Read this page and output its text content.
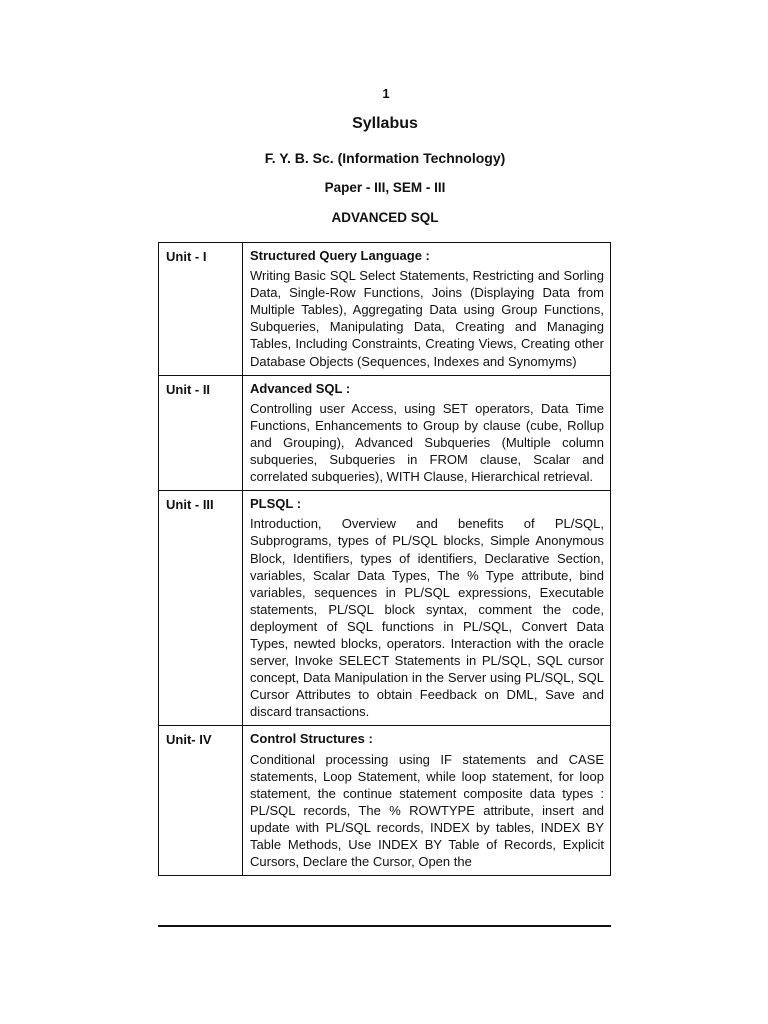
1
Syllabus
F. Y. B. Sc. (Information Technology)
Paper - III, SEM - III
ADVANCED SQL
Unit - I	Structured Query Language :
Writing Basic SQL Select Statements, Restricting and Sorling Data, Single-Row Functions, Joins (Displaying Data from Multiple Tables), Aggregating Data using Group Functions, Subqueries, Manipulating Data, Creating and Managing Tables, Including Constraints, Creating Views, Creating other Database Objects (Sequences, Indexes and Synomyms)

Unit - II	Advanced SQL :
Controlling user Access, using SET operators, Data Time Functions, Enhancements to Group by clause (cube, Rollup and Grouping), Advanced Subqueries (Multiple column subqueries, Subqueries in FROM clause, Scalar and correlated subqueries), WITH Clause, Hierarchical retrieval.

Unit - III	PLSQL :
Introduction, Overview and benefits of PL/SQL, Subprograms, types of PL/SQL blocks, Simple Anonymous Block, Identifiers, types of identifiers, Declarative Section, variables, Scalar Data Types, The % Type attribute, bind variables, sequences in PL/SQL expressions, Executable statements, PL/SQL block syntax, comment the code, deployment of SQL functions in PL/SQL, Convert Data Types, newted blocks, operators. Interaction with the oracle server, Invoke SELECT Statements in PL/SQL, SQL cursor concept, Data Manipulation in the Server using PL/SQL, SQL Cursor Attributes to obtain Feedback on DML, Save and discard transactions.

Unit- IV	Control Structures :
Conditional processing using IF statements and CASE statements, Loop Statement, while loop statement, for loop statement, the continue statement composite data types : PL/SQL records, The % ROWTYPE attribute, insert and update with PL/SQL records, INDEX by tables, INDEX BY Table Methods, Use INDEX BY Table of Records, Explicit Cursors, Declare the Cursor, Open the
